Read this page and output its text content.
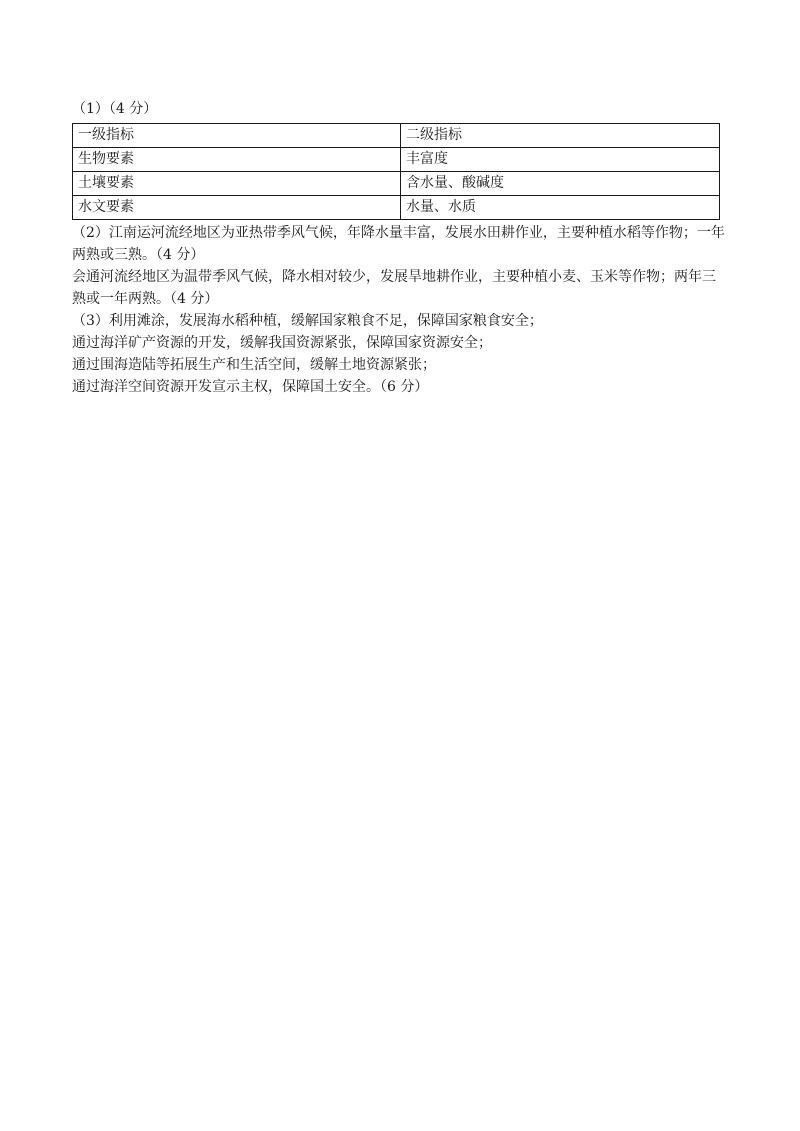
（1）（4 分）

一级指标	二级指标
生物要素	丰富度
土壤要素	含水量、酸碱度
水文要素	水量、水质

（2）江南运河流经地区为亚热带季风气候，年降水量丰富，发展水田耕作业，主要种植水稻等作物；一年

两熟或三熟。（4 分）

会通河流经地区为温带季风气候，降水相对较少，发展旱地耕作业，主要种植小麦、玉米等作物；两年三

熟或一年两熟。（4 分）

（3）利用滩涂，发展海水稻种植，缓解国家粮食不足，保障国家粮食安全；

通过海洋矿产资源的开发，缓解我国资源紧张，保障国家资源安全；

通过围海造陆等拓展生产和生活空间，缓解土地资源紧张；

通过海洋空间资源开发宣示主权，保障国土安全。（6 分）
